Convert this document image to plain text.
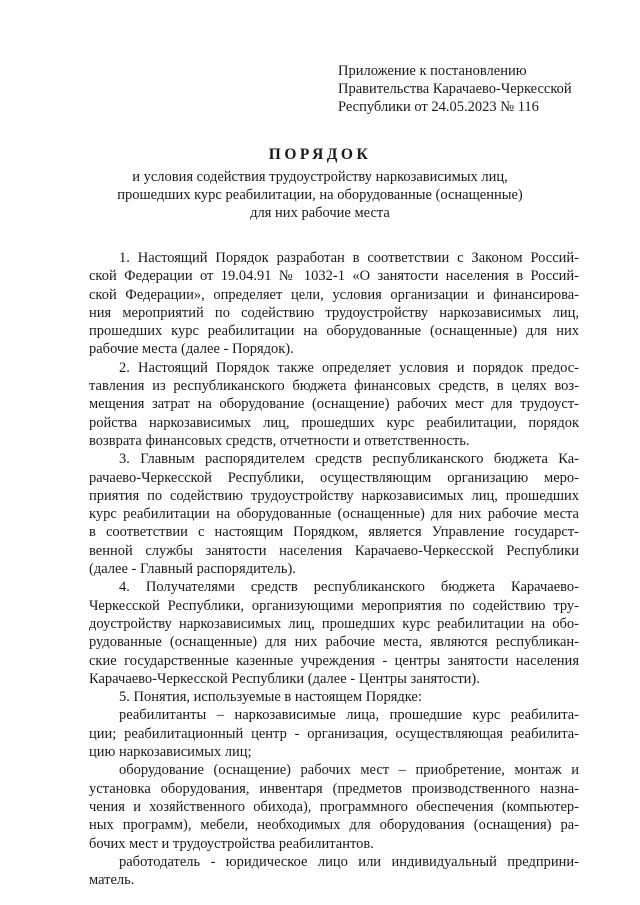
Приложение к постановлению
Правительства Карачаево-Черкесской
Республики от 24.05.2023 № 116
ПОРЯДОК
и условия содействия трудоустройству наркозависимых лиц,
прошедших курс реабилитации, на оборудованные (оснащенные)
для них рабочие места
1. Настоящий Порядок разработан в соответствии с Законом Россий-
ской Федерации от 19.04.91 № 1032-1 «О занятости населения в Россий-
ской Федерации», определяет цели, условия организации и финансирова-
ния мероприятий по содействию трудоустройству наркозависимых лиц,
прошедших курс реабилитации на оборудованные (оснащенные) для них
рабочие места (далее - Порядок).
2. Настоящий Порядок также определяет условия и порядок предос-
тавления из республиканского бюджета финансовых средств, в целях воз-
мещения затрат на оборудование (оснащение) рабочих мест для трудоуст-
ройства наркозависимых лиц, прошедших курс реабилитации, порядок
возврата финансовых средств, отчетности и ответственность.
3. Главным распорядителем средств республиканского бюджета Ка-
рачаево-Черкесской Республики, осуществляющим организацию меро-
приятия по содействию трудоустройству наркозависимых лиц, прошедших
курс реабилитации на оборудованные (оснащенные) для них рабочие места
в соответствии с настоящим Порядком, является Управление государст-
венной службы занятости населения Карачаево-Черкесской Республики
(далее - Главный распорядитель).
4. Получателями средств республиканского бюджета Карачаево-
Черкесской Республики, организующими мероприятия по содействию тру-
доустройству наркозависимых лиц, прошедших курс реабилитации на обо-
рудованные (оснащенные) для них рабочие места, являются республикан-
ские государственные казенные учреждения - центры занятости населения
Карачаево-Черкесской Республики (далее - Центры занятости).
5. Понятия, используемые в настоящем Порядке:
реабилитанты – наркозависимые лица, прошедшие курс реабилита-
ции; реабилитационный центр - организация, осуществляющая реабилита-
цию наркозависимых лиц;
оборудование (оснащение) рабочих мест – приобретение, монтаж и
установка оборудования, инвентаря (предметов производственного назна-
чения и хозяйственного обихода), программного обеспечения (компьютер-
ных программ), мебели, необходимых для оборудования (оснащения) ра-
бочих мест и трудоустройства реабилитантов.
работодатель - юридическое лицо или индивидуальный предприни-
матель.
